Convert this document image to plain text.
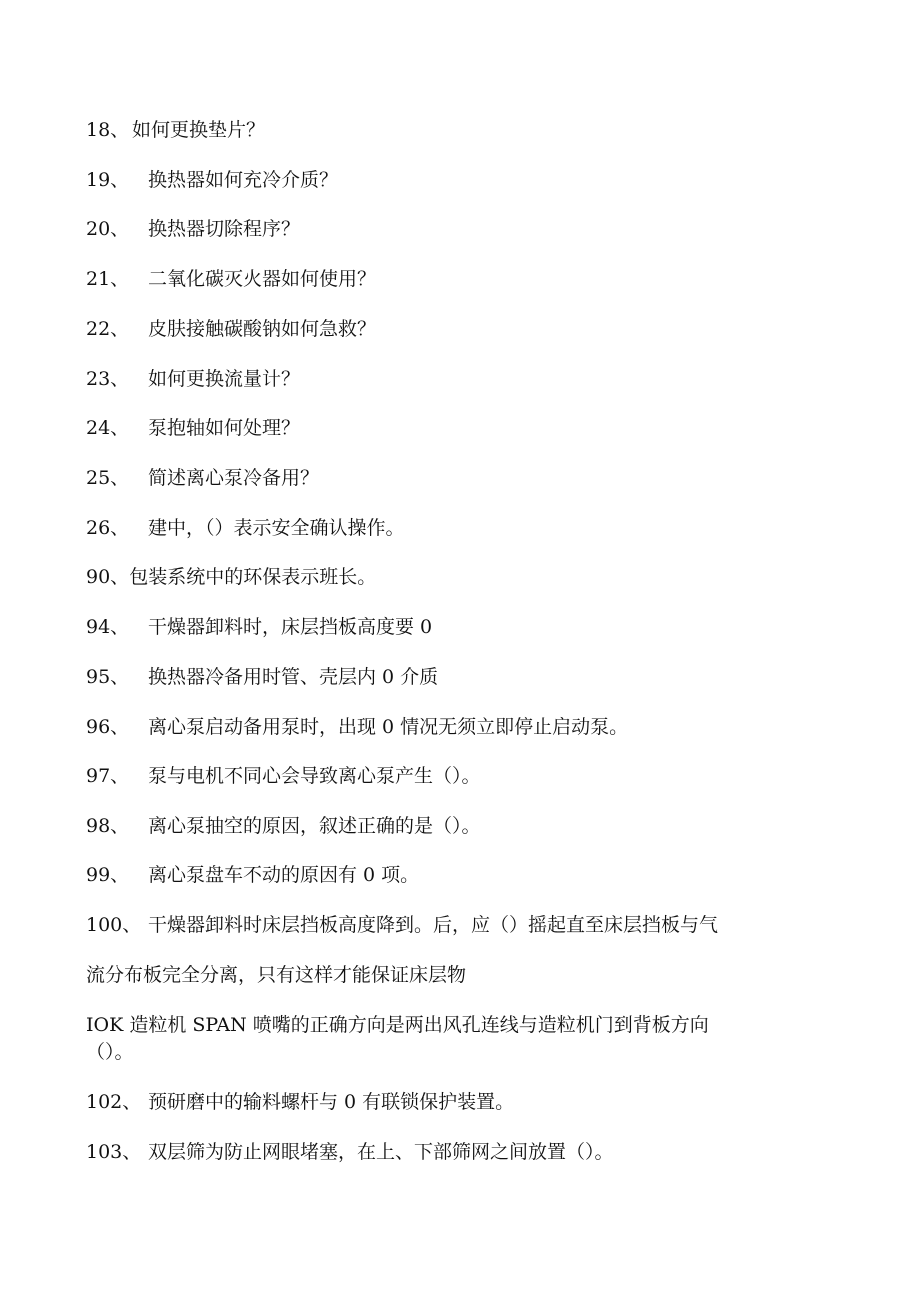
18、 如何更换垫片？
19、 换热器如何充冷介质？
20、 换热器切除程序？
21、 二氧化碳灭火器如何使用？
22、 皮肤接触碳酸钠如何急救？
23、 如何更换流量计？
24、 泵抱轴如何处理？
25、 简述离心泵冷备用？
26、 建中，（）表示安全确认操作。
90、包装系统中的环保表示班长。
94、 干燥器卸料时，床层挡板高度要 0
95、 换热器冷备用时管、壳层内 0 介质
96、 离心泵启动备用泵时，出现 0 情况无须立即停止启动泵。
97、 泵与电机不同心会导致离心泵产生（）。
98、 离心泵抽空的原因，叙述正确的是（）。
99、 离心泵盘车不动的原因有 0 项。
100、 干燥器卸料时床层挡板高度降到。后，应（）摇起直至床层挡板与气
流分布板完全分离，只有这样才能保证床层物
IOK 造粒机 SPAN 喷嘴的正确方向是两出风孔连线与造粒机门到背板方向
（）。
102、 预研磨中的输料螺杆与 0 有联锁保护装置。
103、 双层筛为防止网眼堵塞，在上、下部筛网之间放置（）。
